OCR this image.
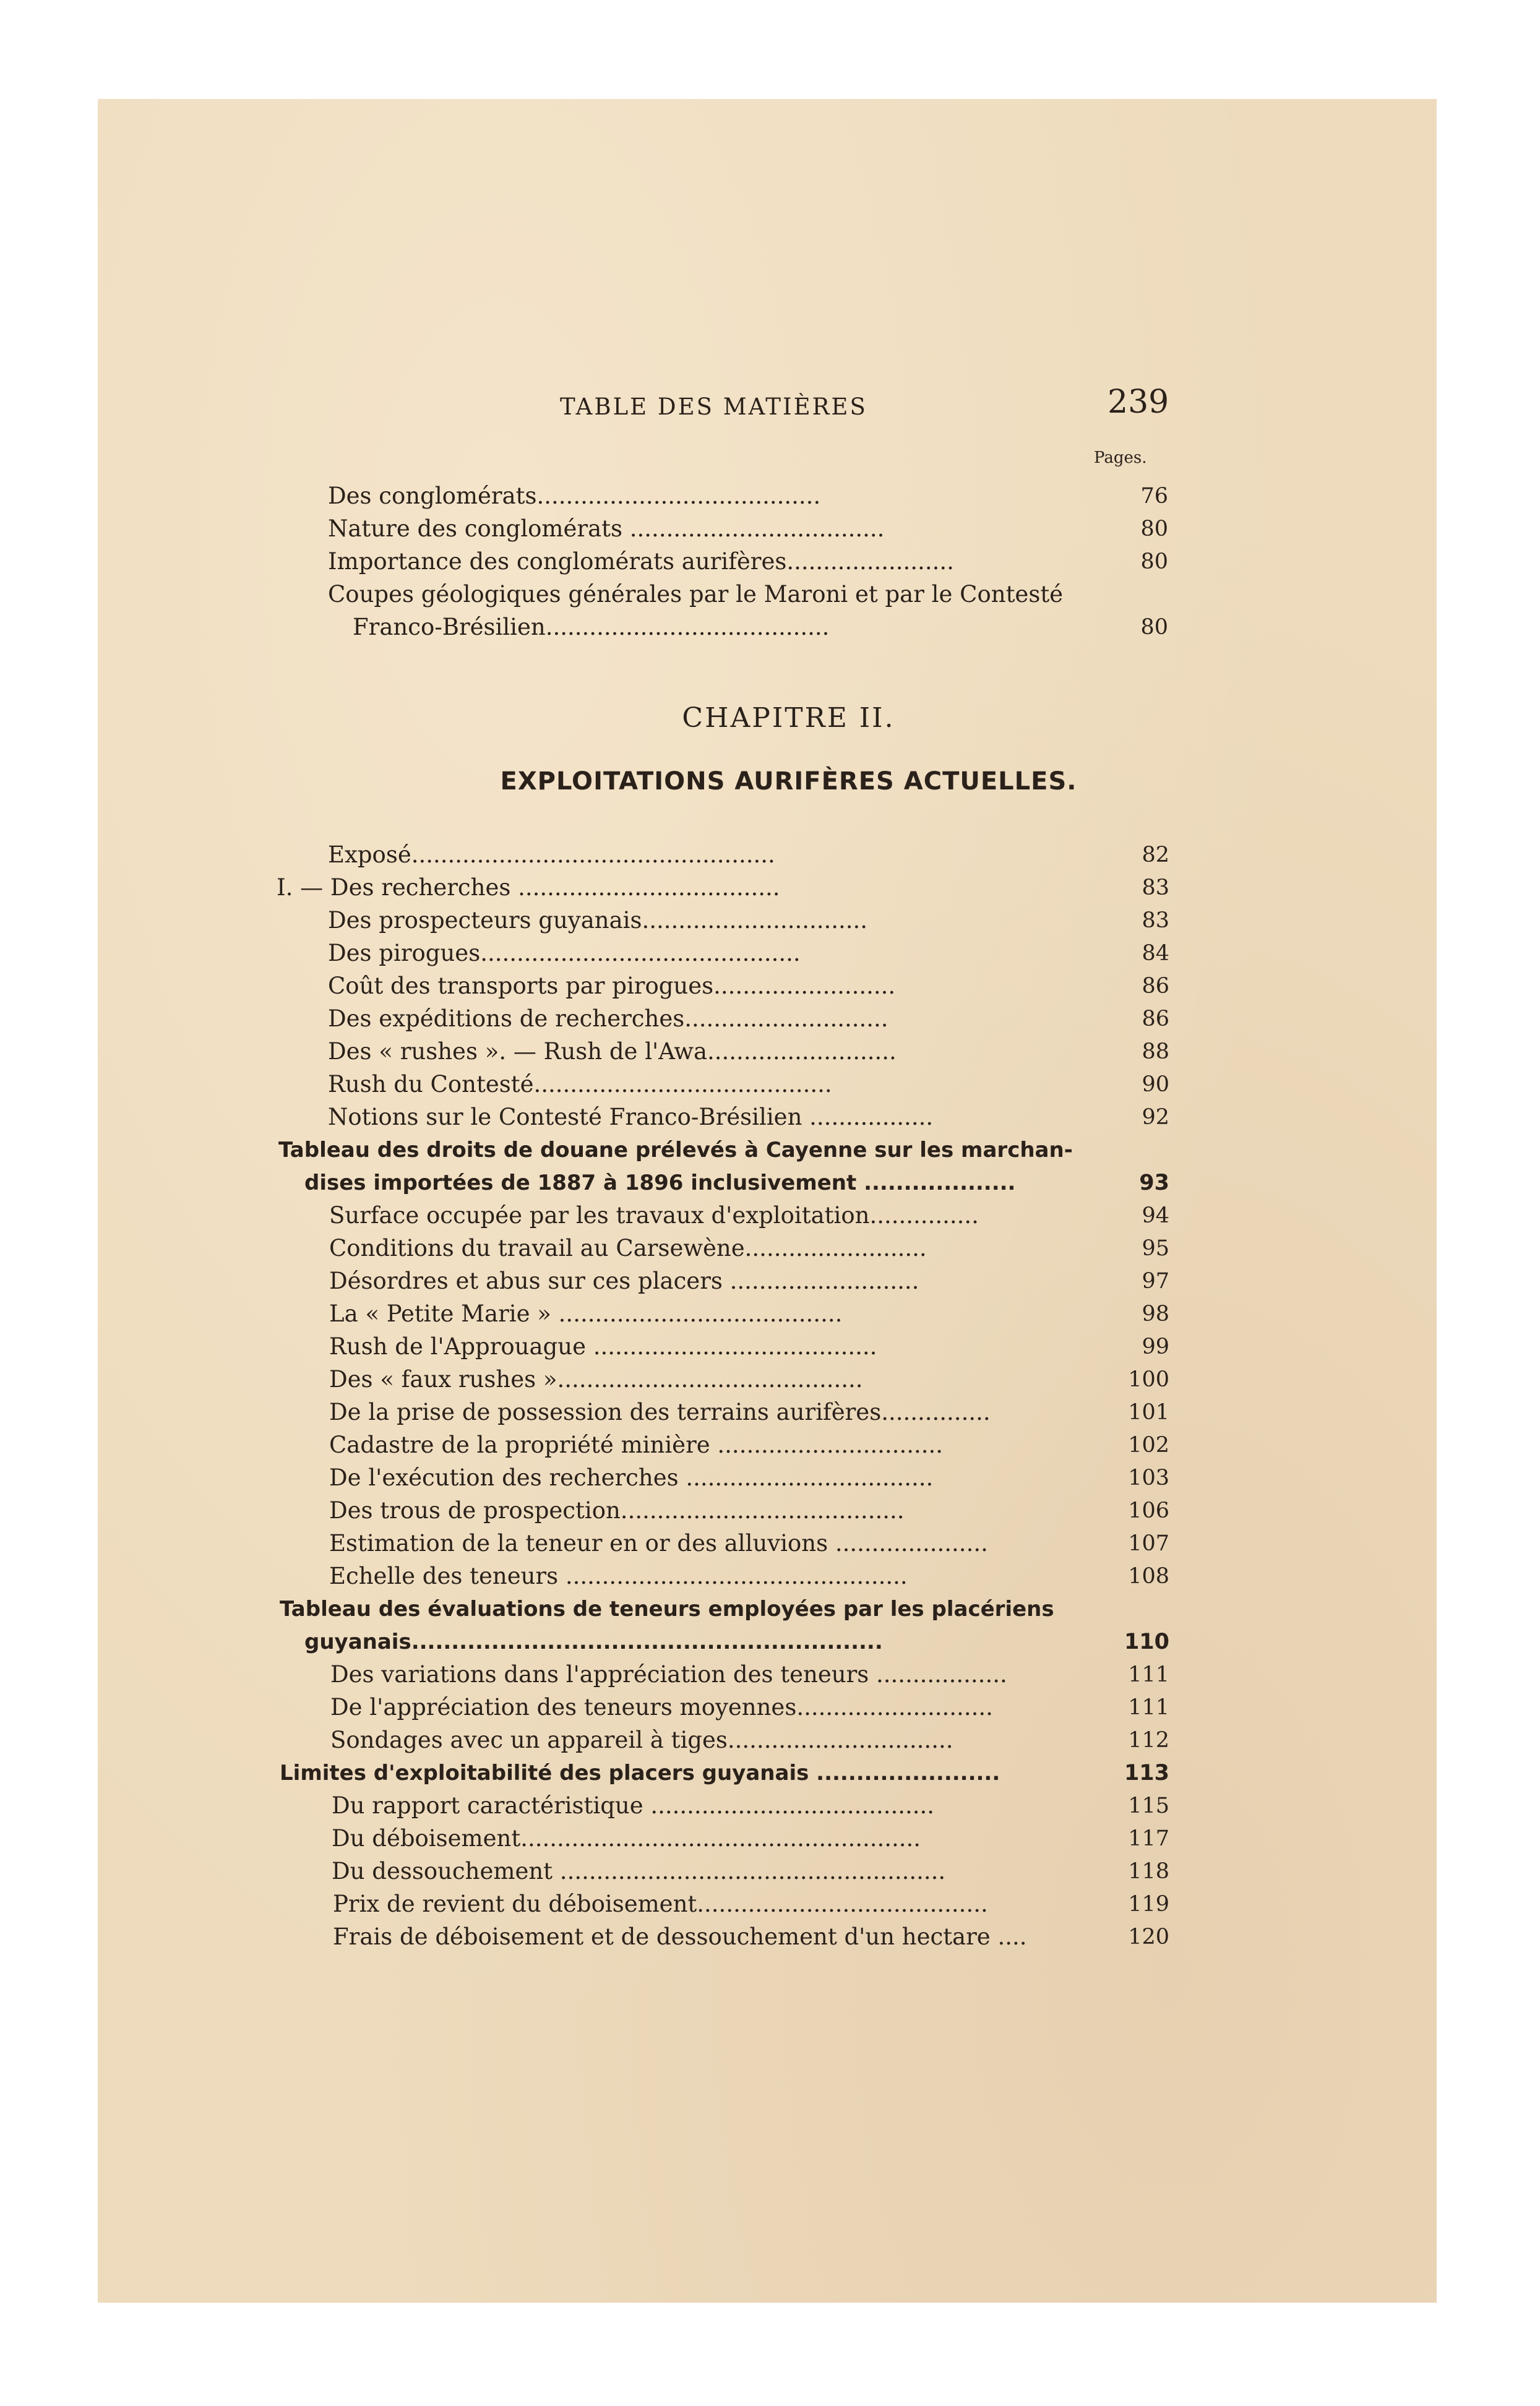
TABLE DES MATIÈRES	239
Pages.
Des conglomérats.......................................	76
Nature des conglomérats ...................................	80
Importance des conglomérats aurifères.......................	80
Coupes géologiques générales par le Maroni et par le Contesté
Franco-Brésilien.......................................	80
CHAPITRE II.
EXPLOITATIONS AURIFÈRES ACTUELLES.
Exposé..................................................	82
I. — Des recherches ....................................	83
Des prospecteurs guyanais...............................	83
Des pirogues............................................	84
Coût des transports par pirogues.........................	86
Des expéditions de recherches............................	86
Des « rushes ». — Rush de l'Awa..........................	88
Rush du Contesté.........................................	90
Notions sur le Contesté Franco-Brésilien .................	92
Tableau des droits de douane prélevés à Cayenne sur les marchan-
dises importées de 1887 à 1896 inclusivement ...................	93
Surface occupée par les travaux d'exploitation...............	94
Conditions du travail au Carsewène.........................	95
Désordres et abus sur ces placers ..........................	97
La « Petite Marie » .......................................	98
Rush de l'Approuague .......................................	99
Des « faux rushes »..........................................	100
De la prise de possession des terrains aurifères...............	101
Cadastre de la propriété minière ...............................	102
De l'exécution des recherches ..................................	103
Des trous de prospection.......................................	106
Estimation de la teneur en or des alluvions .....................	107
Echelle des teneurs ...............................................	108
Tableau des évaluations de teneurs employées par les placériens
guyanais...........................................................	110
Des variations dans l'appréciation des teneurs ..................	111
De l'appréciation des teneurs moyennes...........................	111
Sondages avec un appareil à tiges...............................	112
Limites d'exploitabilité des placers guyanais .......................	113
Du rapport caractéristique .......................................	115
Du déboisement.......................................................	117
Du dessouchement .....................................................	118
Prix de revient du déboisement........................................	119
Frais de déboisement et de dessouchement d'un hectare ....	120
